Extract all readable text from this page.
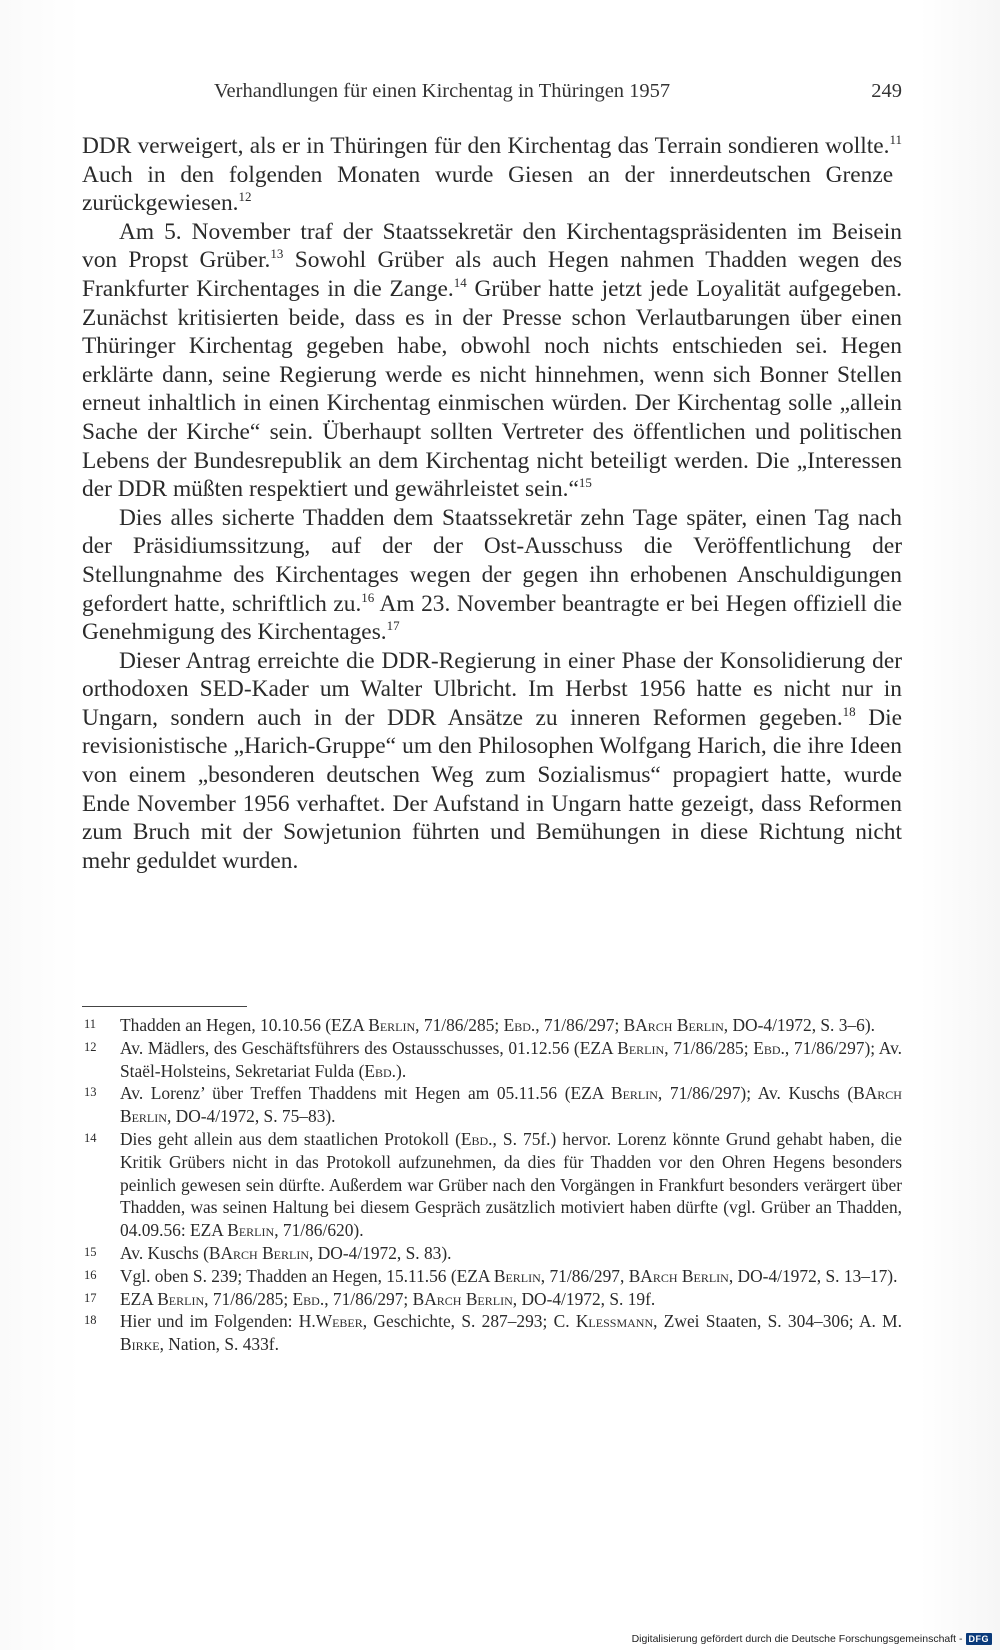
Verhandlungen für einen Kirchentag in Thüringen 1957	249

DDR verweigert, als er in Thüringen für den Kirchentag das Terrain sondieren wollte.$^{11}$ Auch in den folgenden Monaten wurde Giesen an der innerdeutschen Grenze zurückgewiesen.$^{12}$

Am 5. November traf der Staatssekretär den Kirchentagspräsidenten im Beisein von Propst Grüber.$^{13}$ Sowohl Grüber als auch Hegen nahmen Thadden wegen des Frankfurter Kirchentages in die Zange.$^{14}$ Grüber hatte jetzt jede Loyalität aufgegeben. Zunächst kritisierten beide, dass es in der Presse schon Verlautbarungen über einen Thüringer Kirchentag gegeben habe, obwohl noch nichts entschieden sei. Hegen erklärte dann, seine Regierung werde es nicht hinnehmen, wenn sich Bonner Stellen erneut inhaltlich in einen Kirchentag einmischen würden. Der Kirchentag solle „allein Sache der Kirche“ sein. Überhaupt sollten Vertreter des öffentlichen und politischen Lebens der Bundesrepublik an dem Kirchentag nicht beteiligt werden. Die „Interessen der DDR müßten respektiert und gewährleistet sein.“$^{15}$

Dies alles sicherte Thadden dem Staatssekretär zehn Tage später, einen Tag nach der Präsidiumssitzung, auf der der Ost-Ausschuss die Veröffentlichung der Stellungnahme des Kirchentages wegen der gegen ihn erhobenen Anschuldigungen gefordert hatte, schriftlich zu.$^{16}$ Am 23. November beantragte er bei Hegen offiziell die Genehmigung des Kirchentages.$^{17}$

Dieser Antrag erreichte die DDR-Regierung in einer Phase der Konsolidierung der orthodoxen SED-Kader um Walter Ulbricht. Im Herbst 1956 hatte es nicht nur in Ungarn, sondern auch in der DDR Ansätze zu inneren Reformen gegeben.$^{18}$ Die revisionistische „Harich-Gruppe“ um den Philosophen Wolfgang Harich, die ihre Ideen von einem „besonderen deutschen Weg zum Sozialismus“ propagiert hatte, wurde Ende November 1956 verhaftet. Der Aufstand in Ungarn hatte gezeigt, dass Reformen zum Bruch mit der Sowjetunion führten und Bemühungen in diese Richtung nicht mehr geduldet wurden.

11 Thadden an Hegen, 10.10.56 (EZA Berlin, 71/86/285; Ebd., 71/86/297; BArch Berlin, DO-4/1972, S. 3–6).
12 Av. Mädlers, des Geschäftsführers des Ostausschusses, 01.12.56 (EZA Berlin, 71/86/285; Ebd., 71/86/297); Av. Staël-Holsteins, Sekretariat Fulda (Ebd.).
13 Av. Lorenz’ über Treffen Thaddens mit Hegen am 05.11.56 (EZA Berlin, 71/86/297); Av. Kuschs (BArch Berlin, DO-4/1972, S. 75–83).
14 Dies geht allein aus dem staatlichen Protokoll (Ebd., S. 75f.) hervor. Lorenz könnte Grund gehabt haben, die Kritik Grübers nicht in das Protokoll aufzunehmen, da dies für Thadden vor den Ohren Hegens besonders peinlich gewesen sein dürfte. Außerdem war Grüber nach den Vorgängen in Frankfurt besonders verärgert über Thadden, was seinen Haltung bei diesem Gespräch zusätzlich motiviert haben dürfte (vgl. Grüber an Thadden, 04.09.56: EZA Berlin, 71/86/620).
15 Av. Kuschs (BArch Berlin, DO-4/1972, S. 83).
16 Vgl. oben S. 239; Thadden an Hegen, 15.11.56 (EZA Berlin, 71/86/297, BArch Berlin, DO-4/1972, S. 13–17).
17 EZA Berlin, 71/86/285; Ebd., 71/86/297; BArch Berlin, DO-4/1972, S. 19f.
18 Hier und im Folgenden: H.Weber, Geschichte, S. 287–293; C. Klessmann, Zwei Staaten, S. 304–306; A. M. Birke, Nation, S. 433f.
Digitalisierung gefördert durch die Deutsche Forschungsgemeinschaft - DFG
